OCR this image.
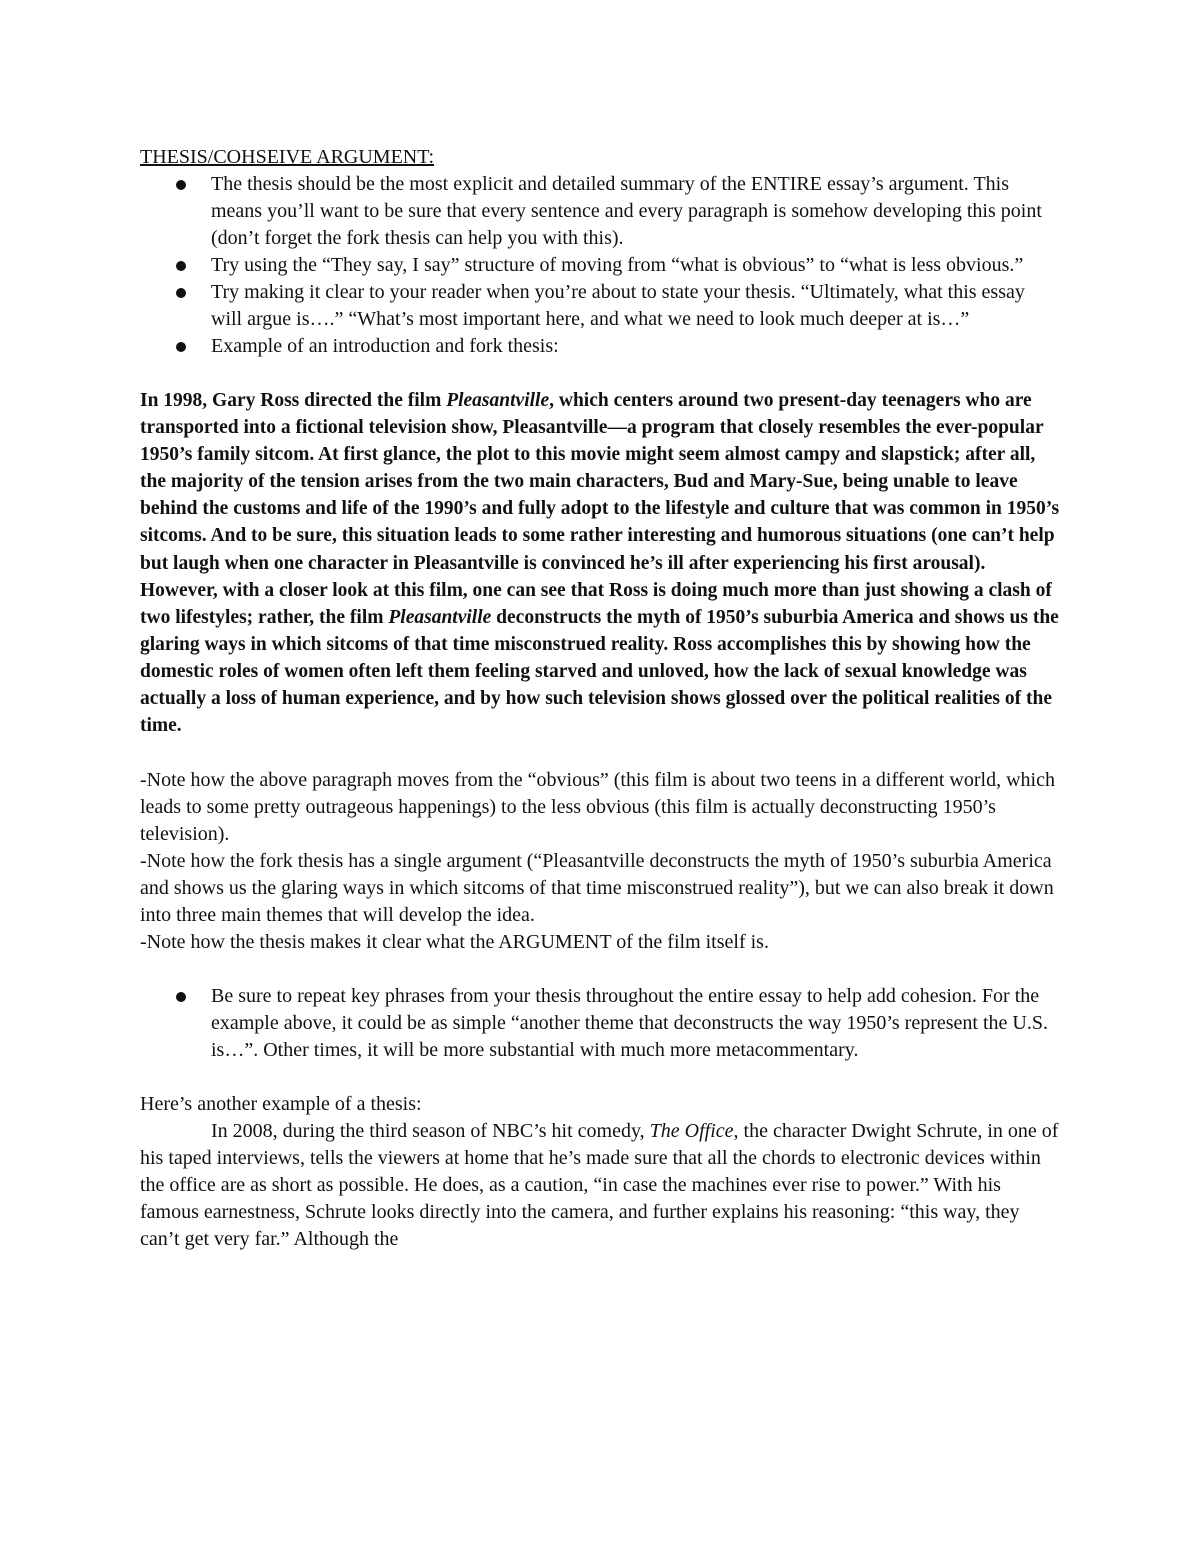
THESIS/COHSEIVE ARGUMENT:

The thesis should be the most explicit and detailed summary of the ENTIRE essay’s argument. This means you’ll want to be sure that every sentence and every paragraph is somehow developing this point (don’t forget the fork thesis can help you with this).
Try using the “They say, I say” structure of moving from “what is obvious” to “what is less obvious.”
Try making it clear to your reader when you’re about to state your thesis. “Ultimately, what this essay will argue is….” “What’s most important here, and what we need to look much deeper at is…”
Example of an introduction and fork thesis:

In 1998, Gary Ross directed the film Pleasantville, which centers around two present-day teenagers who are transported into a fictional television show, Pleasantville—a program that closely resembles the ever-popular 1950’s family sitcom. At first glance, the plot to this movie might seem almost campy and slapstick; after all, the majority of the tension arises from the two main characters, Bud and Mary-Sue, being unable to leave behind the customs and life of the 1990’s and fully adopt to the lifestyle and culture that was common in 1950’s sitcoms. And to be sure, this situation leads to some rather interesting and humorous situations (one can’t help but laugh when one character in Pleasantville is convinced he’s ill after experiencing his first arousal). However, with a closer look at this film, one can see that Ross is doing much more than just showing a clash of two lifestyles; rather, the film Pleasantville deconstructs the myth of 1950’s suburbia America and shows us the glaring ways in which sitcoms of that time misconstrued reality. Ross accomplishes this by showing how the domestic roles of women often left them feeling starved and unloved, how the lack of sexual knowledge was actually a loss of human experience, and by how such television shows glossed over the political realities of the time.

-Note how the above paragraph moves from the “obvious” (this film is about two teens in a different world, which leads to some pretty outrageous happenings) to the less obvious (this film is actually deconstructing 1950’s television).

-Note how the fork thesis has a single argument (“Pleasantville deconstructs the myth of 1950’s suburbia America and shows us the glaring ways in which sitcoms of that time misconstrued reality”), but we can also break it down into three main themes that will develop the idea.

-Note how the thesis makes it clear what the ARGUMENT of the film itself is.

Be sure to repeat key phrases from your thesis throughout the entire essay to help add cohesion. For the example above, it could be as simple “another theme that deconstructs the way 1950’s represent the U.S. is…”. Other times, it will be more substantial with much more metacommentary.

Here’s another example of a thesis:

In 2008, during the third season of NBC’s hit comedy, The Office, the character Dwight Schrute, in one of his taped interviews, tells the viewers at home that he’s made sure that all the chords to electronic devices within the office are as short as possible. He does, as a caution, “in case the machines ever rise to power.” With his famous earnestness, Schrute looks directly into the camera, and further explains his reasoning: “this way, they can’t get very far.” Although the
